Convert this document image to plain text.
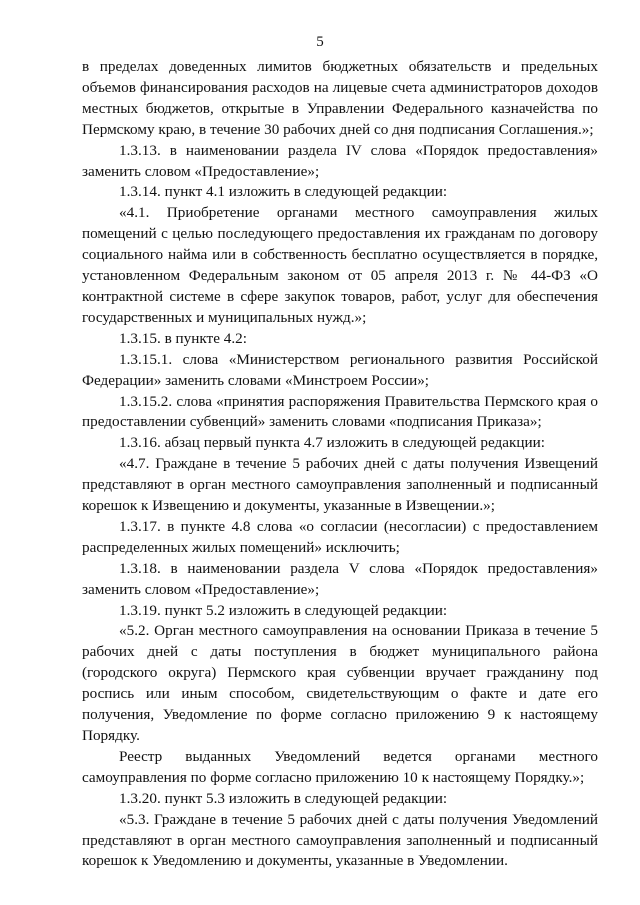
5

в пределах доведенных лимитов бюджетных обязательств и предельных объемов финансирования расходов на лицевые счета администраторов доходов местных бюджетов, открытые в Управлении Федерального казначейства по Пермскому краю, в течение 30 рабочих дней со дня подписания Соглашения.»;

1.3.13. в наименовании раздела IV слова «Порядок предоставления» заменить словом «Предоставление»;

1.3.14. пункт 4.1 изложить в следующей редакции:

«4.1. Приобретение органами местного самоуправления жилых помещений с целью последующего предоставления их гражданам по договору социального найма или в собственность бесплатно осуществляется в порядке, установленном Федеральным законом от 05 апреля 2013 г. № 44-ФЗ «О контрактной системе в сфере закупок товаров, работ, услуг для обеспечения государственных и муниципальных нужд.»;

1.3.15. в пункте 4.2:

1.3.15.1. слова «Министерством регионального развития Российской Федерации» заменить словами «Минстроем России»;

1.3.15.2. слова «принятия распоряжения Правительства Пермского края о предоставлении субвенций» заменить словами «подписания Приказа»;

1.3.16. абзац первый пункта 4.7 изложить в следующей редакции:

«4.7. Граждане в течение 5 рабочих дней с даты получения Извещений представляют в орган местного самоуправления заполненный и подписанный корешок к Извещению и документы, указанные в Извещении.»;

1.3.17. в пункте 4.8 слова «о согласии (несогласии) с предоставлением распределенных жилых помещений» исключить;

1.3.18. в наименовании раздела V слова «Порядок предоставления» заменить словом «Предоставление»;

1.3.19. пункт 5.2 изложить в следующей редакции:

«5.2. Орган местного самоуправления на основании Приказа в течение 5 рабочих дней с даты поступления в бюджет муниципального района (городского округа) Пермского края субвенции вручает гражданину под роспись или иным способом, свидетельствующим о факте и дате его получения, Уведомление по форме согласно приложению 9 к настоящему Порядку.

Реестр выданных Уведомлений ведется органами местного самоуправления по форме согласно приложению 10 к настоящему Порядку.»;

1.3.20. пункт 5.3 изложить в следующей редакции:

«5.3. Граждане в течение 5 рабочих дней с даты получения Уведомлений представляют в орган местного самоуправления заполненный и подписанный корешок к Уведомлению и документы, указанные в Уведомлении.
